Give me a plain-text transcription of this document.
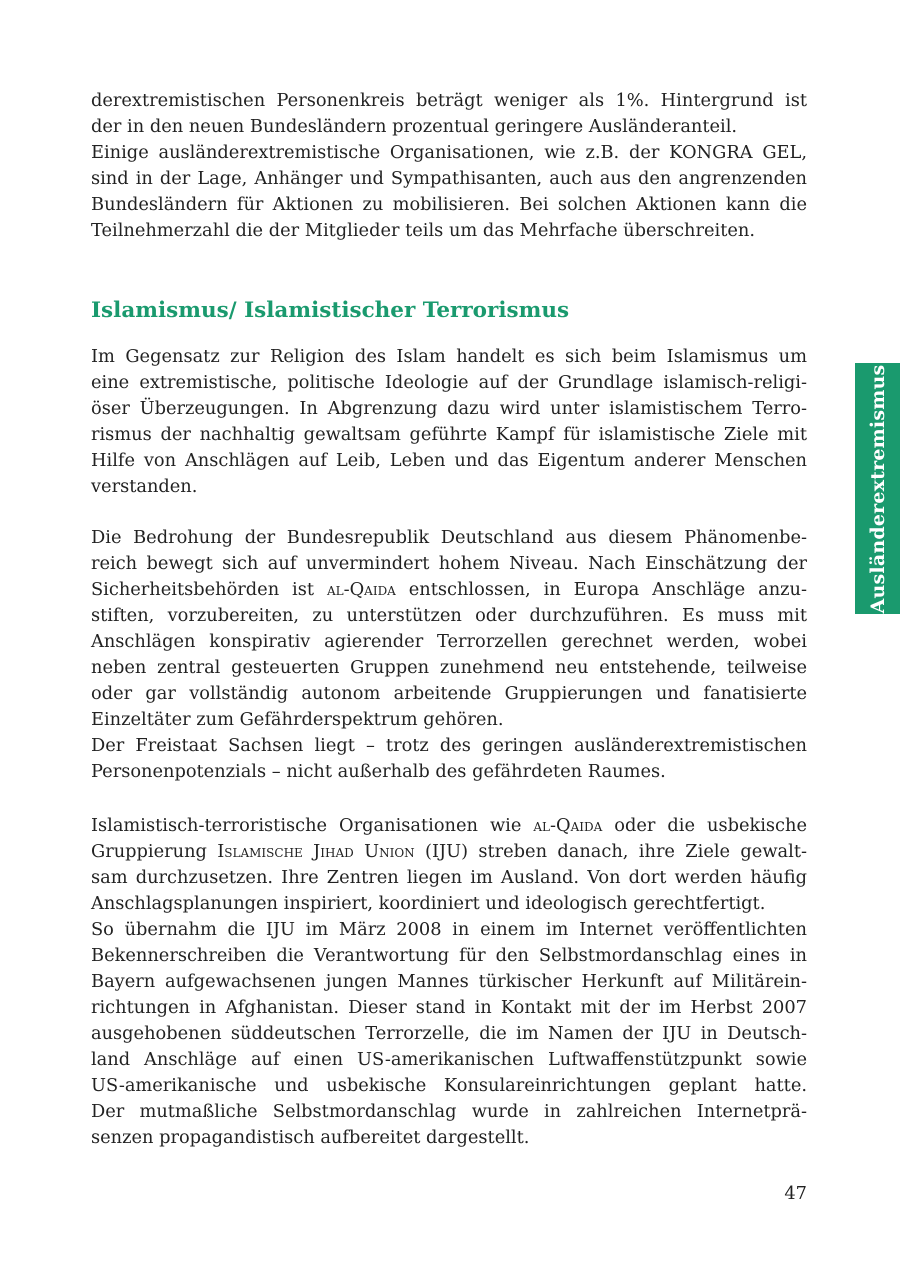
derextremistischen Personenkreis beträgt weniger als 1%. Hintergrund ist
der in den neuen Bundesländern prozentual geringere Ausländeranteil.
Einige ausländerextremistische Organisationen, wie z.B. der KONGRA GEL,
sind in der Lage, Anhänger und Sympathisanten, auch aus den angrenzenden
Bundesländern für Aktionen zu mobilisieren. Bei solchen Aktionen kann die
Teilnehmerzahl die der Mitglieder teils um das Mehrfache überschreiten.
Islamismus/ Islamistischer Terrorismus
Im Gegensatz zur Religion des Islam handelt es sich beim Islamismus um
eine extremistische, politische Ideologie auf der Grundlage islamisch-religi-
öser Überzeugungen. In Abgrenzung dazu wird unter islamistischem Terro-
rismus der nachhaltig gewaltsam geführte Kampf für islamistische Ziele mit
Hilfe von Anschlägen auf Leib, Leben und das Eigentum anderer Menschen
verstanden.
Die Bedrohung der Bundesrepublik Deutschland aus diesem Phänomenbe-
reich bewegt sich auf unvermindert hohem Niveau. Nach Einschätzung der
Sicherheitsbehörden ist al-Qaida entschlossen, in Europa Anschläge anzu-
stiften, vorzubereiten, zu unterstützen oder durchzuführen. Es muss mit
Anschlägen konspirativ agierender Terrorzellen gerechnet werden, wobei
neben zentral gesteuerten Gruppen zunehmend neu entstehende, teilweise
oder gar vollständig autonom arbeitende Gruppierungen und fanatisierte
Einzeltäter zum Gefährderspektrum gehören.
Der Freistaat Sachsen liegt – trotz des geringen ausländerextremistischen
Personenpotenzials – nicht außerhalb des gefährdeten Raumes.
Islamistisch-terroristische Organisationen wie al-Qaida oder die usbekische
Gruppierung Islamische Jihad Union (IJU) streben danach, ihre Ziele gewalt-
sam durchzusetzen. Ihre Zentren liegen im Ausland. Von dort werden häufig
Anschlagsplanungen inspiriert, koordiniert und ideologisch gerechtfertigt.
So übernahm die IJU im März 2008 in einem im Internet veröffentlichten
Bekennerschreiben die Verantwortung für den Selbstmordanschlag eines in
Bayern aufgewachsenen jungen Mannes türkischer Herkunft auf Militärein-
richtungen in Afghanistan. Dieser stand in Kontakt mit der im Herbst 2007
ausgehobenen süddeutschen Terrorzelle, die im Namen der IJU in Deutsch-
land Anschläge auf einen US-amerikanischen Luftwaffenstützpunkt sowie
US-amerikanische und usbekische Konsulareinrichtungen geplant hatte.
Der mutmaßliche Selbstmordanschlag wurde in zahlreichen Internetprä-
senzen propagandistisch aufbereitet dargestellt.
Ausländerextremismus
47
